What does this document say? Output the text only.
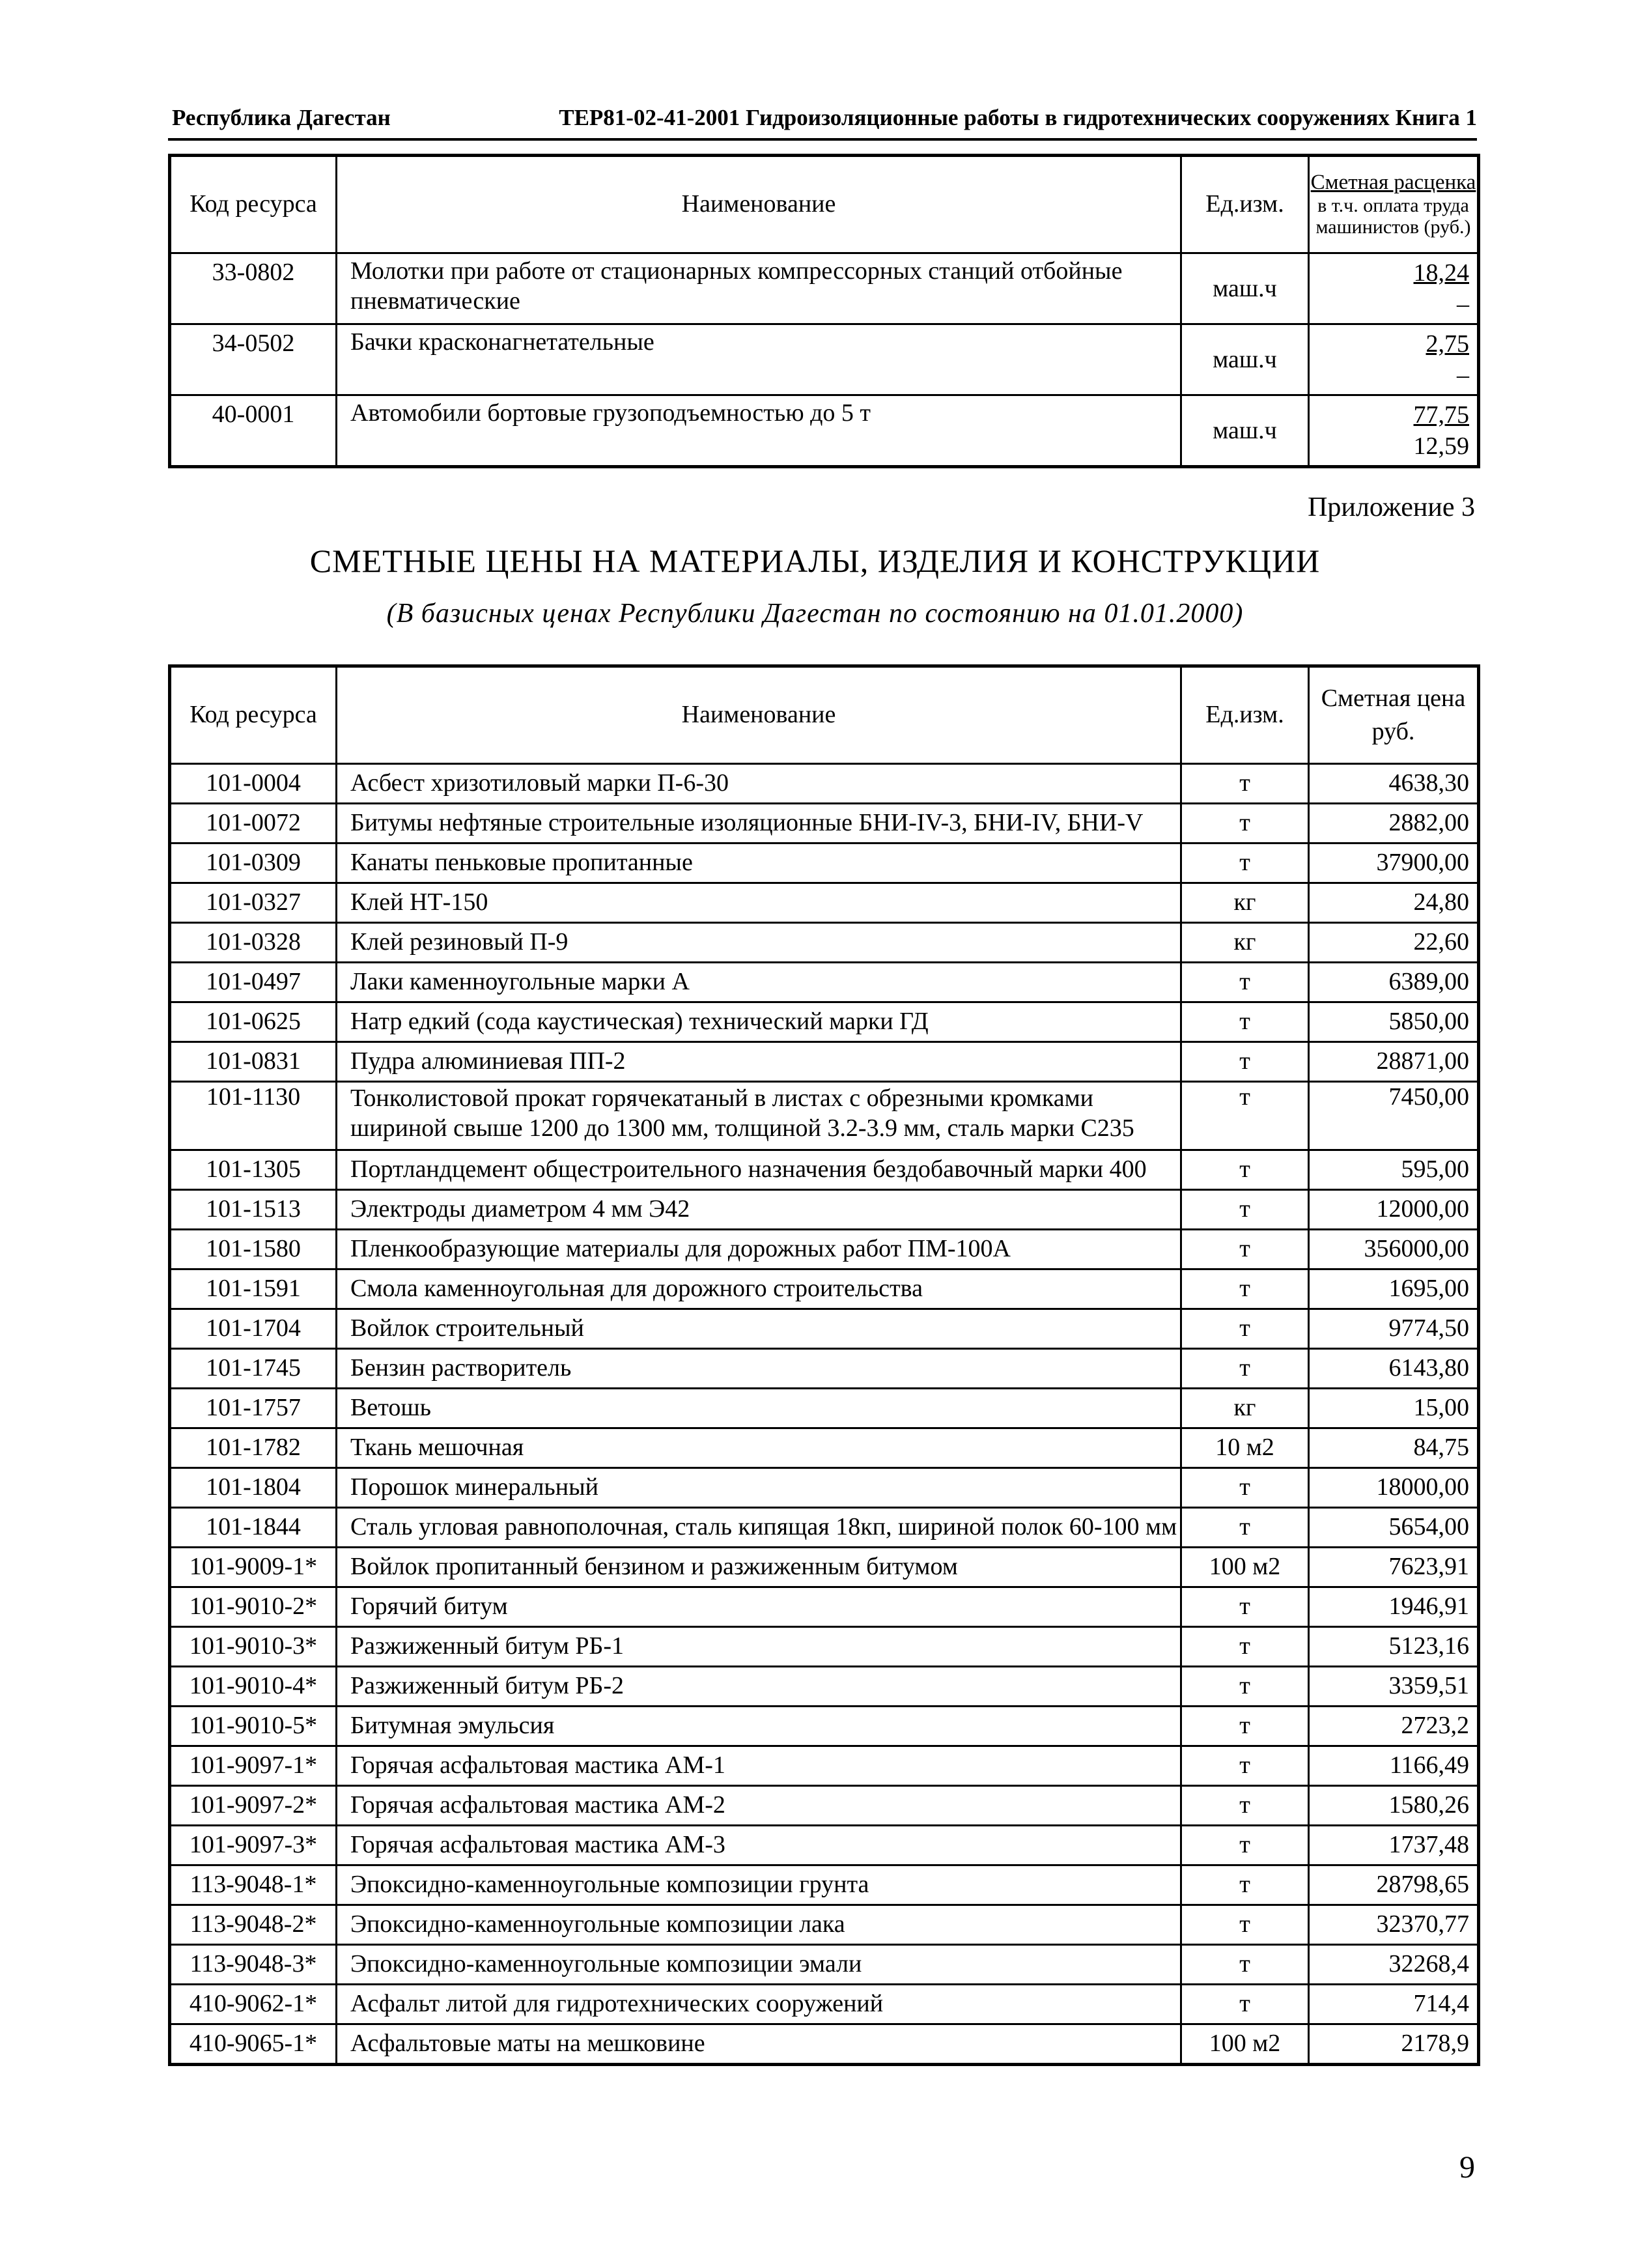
Республика Дагестан	ТЕР81-02-41-2001 Гидроизоляционные работы в гидротехнических сооружениях Книга 1
Код ресурса	Наименование	Ед.изм.	Сметная расценка
в т.ч. оплата труда
машинистов (руб.)
33-0802	Молотки при работе от стационарных компрессорных станций отбойные пневматические	маш.ч	18,24
–

34-0502	Бачки красконагнетательные	маш.ч	2,75
–

40-0001	Автомобили бортовые грузоподъемностью до 5 т	маш.ч	77,75
12,59
Приложение 3
СМЕТНЫЕ ЦЕНЫ НА МАТЕРИАЛЫ, ИЗДЕЛИЯ И КОНСТРУКЦИИ
(В базисных ценах Республики Дагестан по состоянию на 01.01.2000)
Код ресурса	Наименование	Ед.изм.	Сметная цена
руб.
101-0004	Асбест хризотиловый марки П-6-30	т	4638,30
101-0072	Битумы нефтяные строительные изоляционные БНИ-IV-3, БНИ-IV, БНИ-V	т	2882,00
101-0309	Канаты пеньковые пропитанные	т	37900,00
101-0327	Клей НТ-150	кг	24,80
101-0328	Клей резиновый П-9	кг	22,60
101-0497	Лаки каменноугольные марки А	т	6389,00
101-0625	Натр едкий (сода каустическая) технический марки ГД	т	5850,00
101-0831	Пудра алюминиевая ПП-2	т	28871,00
101-1130	Тонколистовой прокат горячекатаный в листах с обрезными кромками шириной свыше 1200 до 1300 мм, толщиной 3.2-3.9 мм, сталь марки С235	т	7450,00
101-1305	Портландцемент общестроительного назначения бездобавочный марки 400	т	595,00
101-1513	Электроды диаметром 4 мм Э42	т	12000,00
101-1580	Пленкообразующие материалы для дорожных работ ПМ-100А	т	356000,00
101-1591	Смола каменноугольная для дорожного строительства	т	1695,00
101-1704	Войлок строительный	т	9774,50
101-1745	Бензин растворитель	т	6143,80
101-1757	Ветошь	кг	15,00
101-1782	Ткань мешочная	10 м2	84,75
101-1804	Порошок минеральный	т	18000,00
101-1844	Сталь угловая равнополочная, сталь кипящая 18кп, шириной полок 60-100 мм	т	5654,00
101-9009-1*	Войлок пропитанный бензином и разжиженным битумом	100 м2	7623,91
101-9010-2*	Горячий битум	т	1946,91
101-9010-3*	Разжиженный битум РБ-1	т	5123,16
101-9010-4*	Разжиженный битум РБ-2	т	3359,51
101-9010-5*	Битумная эмульсия	т	2723,2
101-9097-1*	Горячая асфальтовая мастика АМ-1	т	1166,49
101-9097-2*	Горячая асфальтовая мастика АМ-2	т	1580,26
101-9097-3*	Горячая асфальтовая мастика АМ-3	т	1737,48
113-9048-1*	Эпоксидно-каменноугольные композиции грунта	т	28798,65
113-9048-2*	Эпоксидно-каменноугольные композиции лака	т	32370,77
113-9048-3*	Эпоксидно-каменноугольные композиции эмали	т	32268,4
410-9062-1*	Асфальт литой для гидротехнических сооружений	т	714,4
410-9065-1*	Асфальтовые маты на мешковине	100 м2	2178,9
9
